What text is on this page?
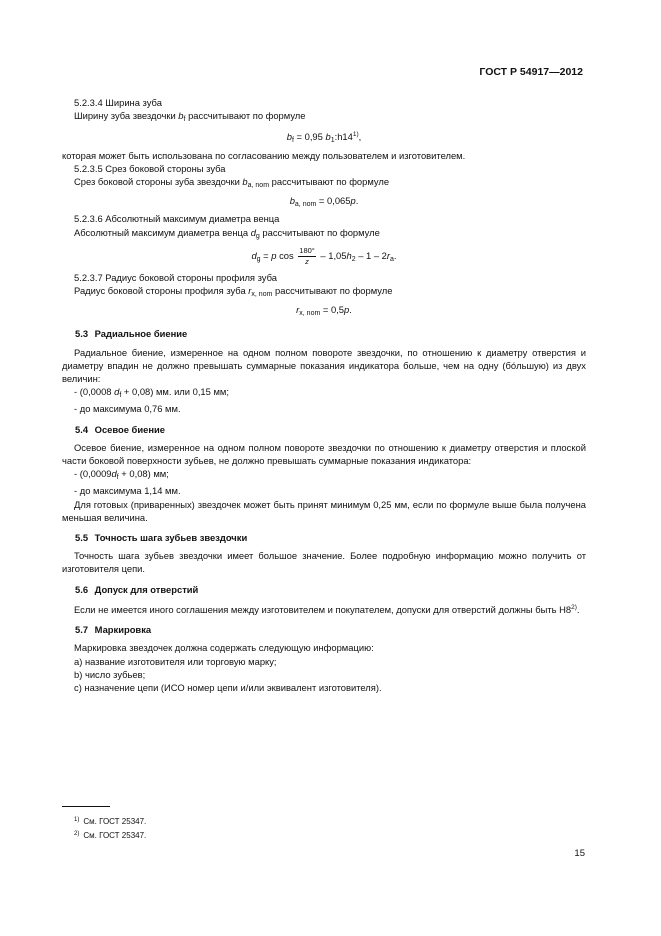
ГОСТ Р 54917—2012

5.2.3.4 Ширина зуба

Ширину зуба звездочки $b_f$ рассчитывают по формуле

$b_f = 0,95$ $b_1:h14^{1)}$,

которая может быть использована по согласованию между пользователем и изготовителем.

5.2.3.5 Срез боковой стороны зуба

Срез боковой стороны зуба звездочки $b_{a, nom}$ рассчитывают по формуле

$b_{a, nom} = 0,065p$.

5.2.3.6 Абсолютный максимум диаметра венца

Абсолютный максимум диаметра венца $d_g$ рассчитывают по формуле

$d_g = p$ $\cos \frac{180^\circ}{z} - 1,05h_2 - 1 - 2r_a$.

5.2.3.7 Радиус боковой стороны профиля зуба

Радиус боковой стороны профиля зуба $r_{x, nom}$ рассчитывают по формуле

$r_{x, nom} = 0,5p$.

5.3 Радиальное биение

Радиальное биение, измеренное на одном полном повороте звездочки, по отношению к диаметру отверстия и диаметру впадин не должно превышать суммарные показания индикатора больше, чем на одну (бóльшую) из двух величин:

- (0,0008 $d_f + 0,08$) мм. или 0,15 мм;

- до максимума 0,76 мм.

5.4 Осевое биение

Осевое биение, измеренное на одном полном повороте звездочки по отношению к диаметру отверстия и плоской части боковой поверхности зубьев, не должно превышать суммарные показания индикатора:

- $(0,0009d_f + 0,08)$ мм;

- до максимума 1,14 мм.

Для готовых (приваренных) звездочек может быть принят минимум 0,25 мм, если по формуле выше была получена меньшая величина.

5.5 Точность шага зубьев звездочки

Точность шага зубьев звездочки имеет большое значение. Более подробную информацию можно получить от изготовителя цепи.

5.6 Допуск для отверстий

Если не имеется иного соглашения между изготовителем и покупателем, допуски для отверстий должны быть H8$^{2)}$.

5.7 Маркировка

Маркировка звездочек должна содержать следующую информацию:

a) название изготовителя или торговую марку;

b) число зубьев;

c) назначение цепи (ИСО номер цепи и/или эквивалент изготовителя).

$^{1)}$ См. ГОСТ 25347.
$^{2)}$ См. ГОСТ 25347.
15
